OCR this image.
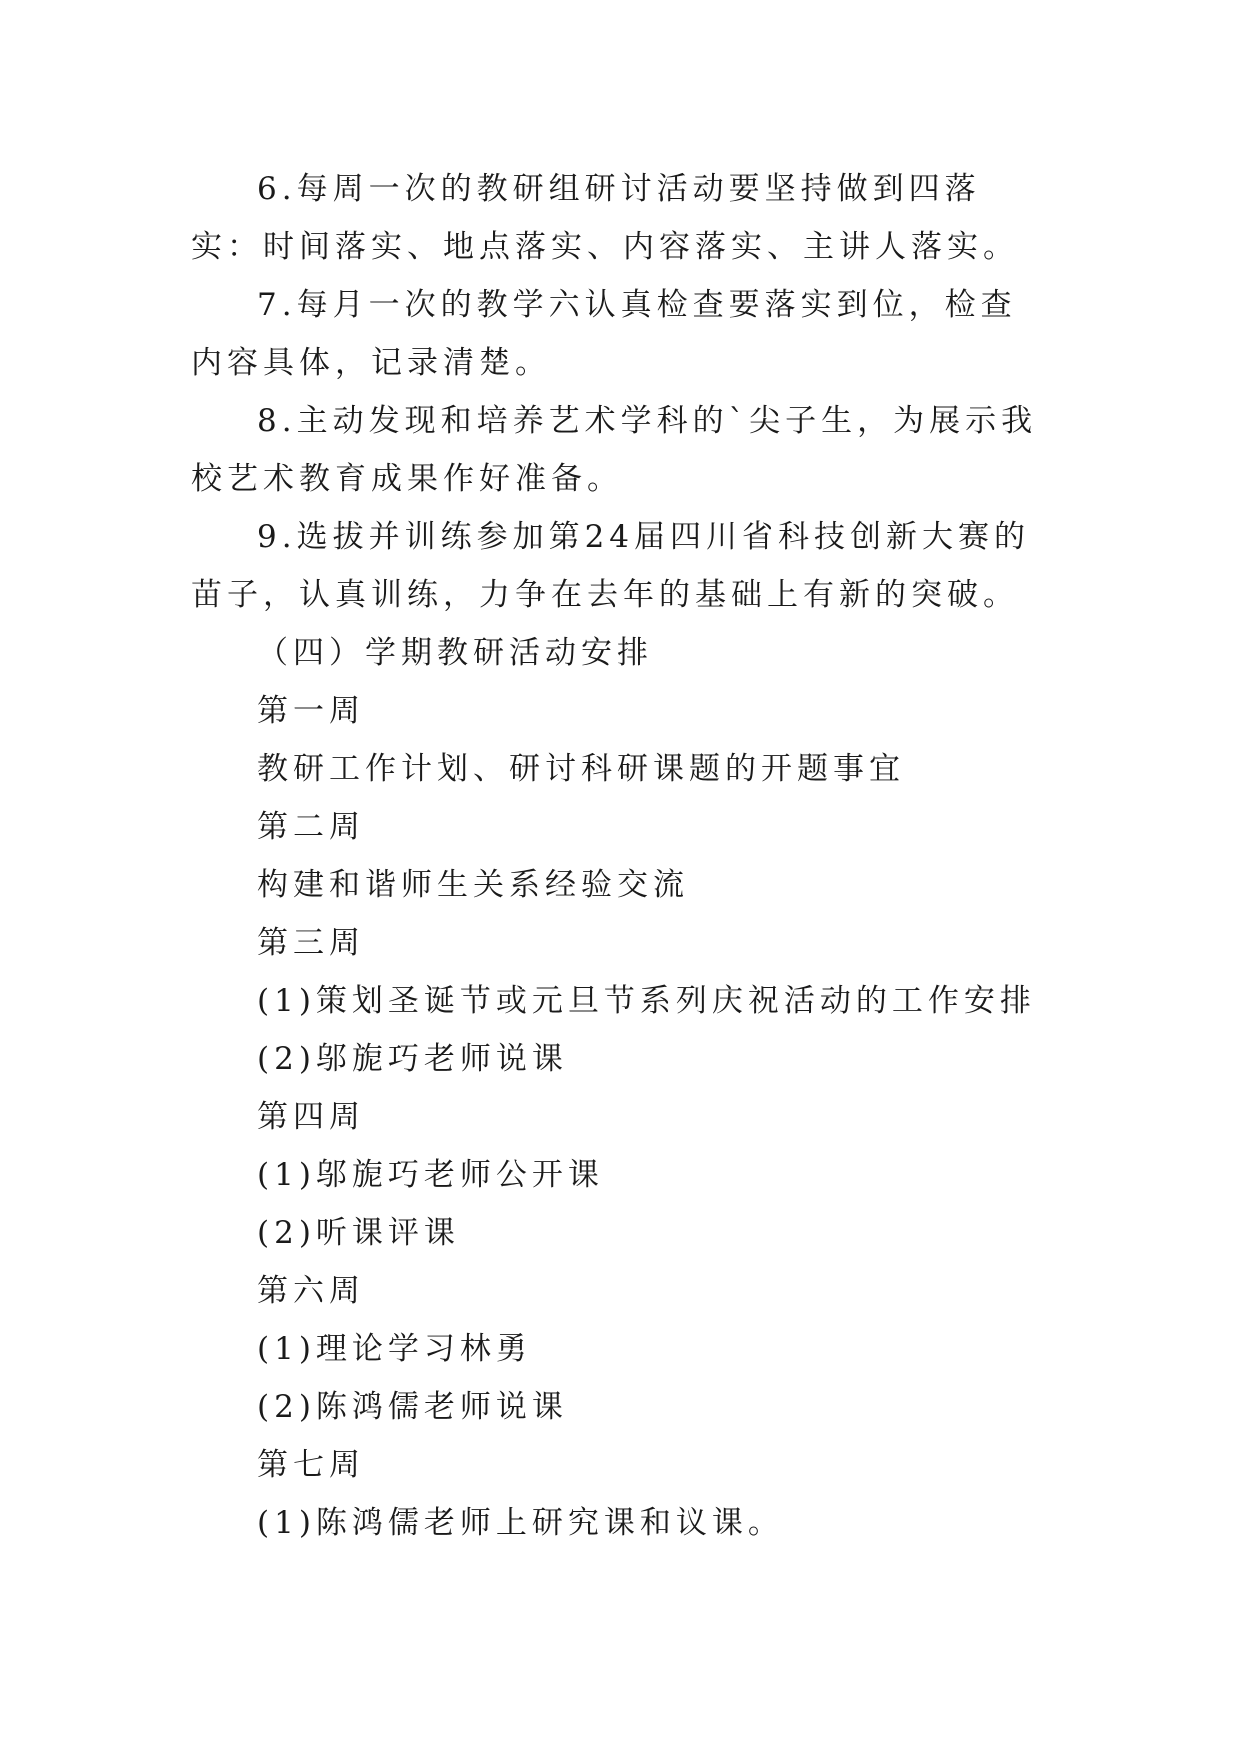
6.每周一次的教研组研讨活动要坚持做到四落实：时间落实、地点落实、内容落实、主讲人落实。

7.每月一次的教学六认真检查要落实到位，检查内容具体，记录清楚。

8.主动发现和培养艺术学科的`尖子生，为展示我校艺术教育成果作好准备。

9.选拔并训练参加第24届四川省科技创新大赛的苗子，认真训练，力争在去年的基础上有新的突破。

（四）学期教研活动安排
第一周
教研工作计划、研讨科研课题的开题事宜
第二周
构建和谐师生关系经验交流
第三周
(1)策划圣诞节或元旦节系列庆祝活动的工作安排
(2)邬旎巧老师说课
第四周
(1)邬旎巧老师公开课
(2)听课评课
第六周
(1)理论学习林勇
(2)陈鸿儒老师说课
第七周
(1)陈鸿儒老师上研究课和议课。
